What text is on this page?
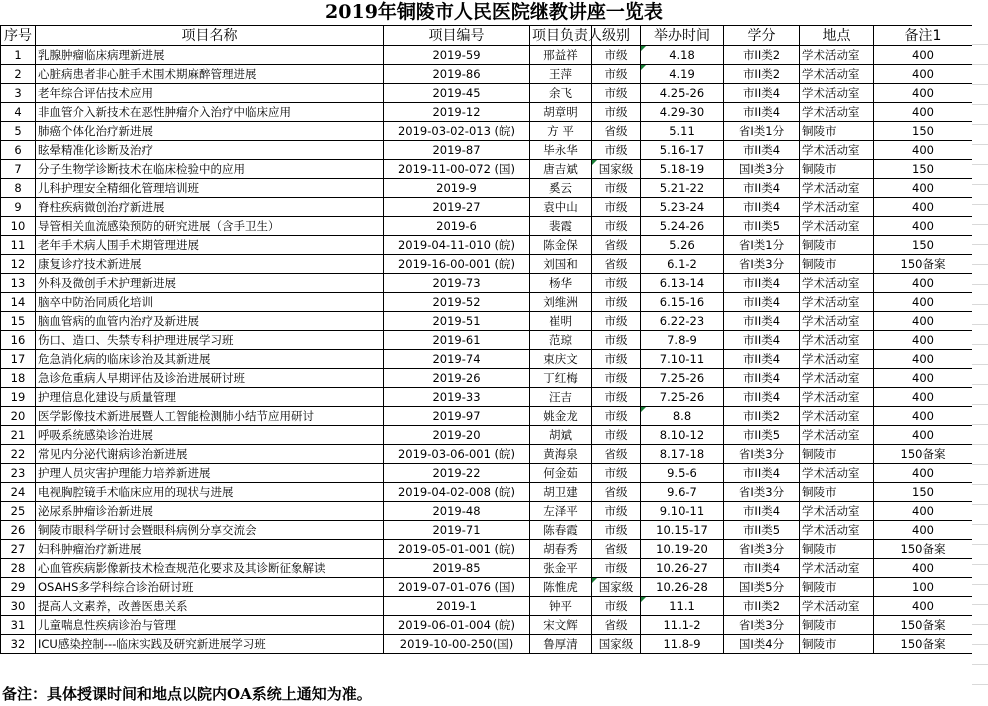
2019年铜陵市人民医院继教讲座一览表
序号	项目名称	项目编号	项目负责人	级别	举办时间	学分	地点	备注1
1	乳腺肿瘤临床病理新进展	2019-59	邢益祥	市级	4.18	市II类2	学术活动室	400
2	心脏病患者非心脏手术围术期麻醉管理进展	2019-86	王萍	市级	4.19	市II类2	学术活动室	400
3	老年综合评估技术应用	2019-45	余飞	市级	4.25-26	市II类4	学术活动室	400
4	非血管介入新技术在恶性肿瘤介入治疗中临床应用	2019-12	胡章明	市级	4.29-30	市II类4	学术活动室	400
5	肺癌个体化治疗新进展	2019-03-02-013 (皖)	方 平	省级	5.11	省I类1分	铜陵市	150
6	眩晕精准化诊断及治疗	2019-87	毕永华	市级	5.16-17	市II类4	学术活动室	400
7	分子生物学诊断技术在临床检验中的应用	2019-11-00-072 (国)	唐吉斌	国家级	5.18-19	国I类3分	铜陵市	150
8	儿科护理安全精细化管理培训班	2019-9	奚云	市级	5.21-22	市II类4	学术活动室	400
9	脊柱疾病微创治疗新进展	2019-27	袁中山	市级	5.23-24	市II类4	学术活动室	400
10	导管相关血流感染预防的研究进展（含手卫生）	2019-6	裴霞	市级	5.24-26	市II类5	学术活动室	400
11	老年手术病人围手术期管理进展	2019-04-11-010 (皖)	陈金保	省级	5.26	省I类1分	铜陵市	150
12	康复诊疗技术新进展	2019-16-00-001 (皖)	刘国和	省级	6.1-2	省I类3分	铜陵市	150备案
13	外科及微创手术护理新进展	2019-73	杨华	市级	6.13-14	市II类4	学术活动室	400
14	脑卒中防治同质化培训	2019-52	刘维洲	市级	6.15-16	市II类4	学术活动室	400
15	脑血管病的血管内治疗及新进展	2019-51	崔明	市级	6.22-23	市II类4	学术活动室	400
16	伤口、造口、失禁专科护理进展学习班	2019-61	范琼	市级	7.8-9	市II类4	学术活动室	400
17	危急消化病的临床诊治及其新进展	2019-74	束庆文	市级	7.10-11	市II类4	学术活动室	400
18	急诊危重病人早期评估及诊治进展研讨班	2019-26	丁红梅	市级	7.25-26	市II类4	学术活动室	400
19	护理信息化建设与质量管理	2019-33	汪吉	市级	7.25-26	市II类4	学术活动室	400
20	医学影像技术新进展暨人工智能检测肺小结节应用研讨	2019-97	姚金龙	市级	8.8	市II类2	学术活动室	400
21	呼吸系统感染诊治进展	2019-20	胡斌	市级	8.10-12	市II类5	学术活动室	400
22	常见内分泌代谢病诊治新进展	2019-03-06-001 (皖)	黄海泉	省级	8.17-18	省I类3分	铜陵市	150备案
23	护理人员灾害护理能力培养新进展	2019-22	何金茹	市级	9.5-6	市II类4	学术活动室	400
24	电视胸腔镜手术临床应用的现状与进展	2019-04-02-008 (皖)	胡卫建	省级	9.6-7	省I类3分	铜陵市	150
25	泌尿系肿瘤诊治新进展	2019-48	左泽平	市级	9.10-11	市II类4	学术活动室	400
26	铜陵市眼科学研讨会暨眼科病例分享交流会	2019-71	陈春霞	市级	10.15-17	市II类5	学术活动室	400
27	妇科肿瘤治疗新进展	2019-05-01-001 (皖)	胡春秀	省级	10.19-20	省I类3分	铜陵市	150备案
28	心血管疾病影像新技术检查规范化要求及其诊断征象解读	2019-85	张金平	市级	10.26-27	市II类4	学术活动室	400
29	OSAHS多学科综合诊治研讨班	2019-07-01-076 (国)	陈惟虎	国家级	10.26-28	国I类5分	铜陵市	100
30	提高人文素养，改善医患关系	2019-1	钟平	市级	11.1	市II类2	学术活动室	400
31	儿童喘息性疾病诊治与管理	2019-06-01-004 (皖)	宋文辉	省级	11.1-2	省I类3分	铜陵市	150备案
32	ICU感染控制---临床实践及研究新进展学习班	2019-10-00-250(国)	鲁厚清	国家级	11.8-9	国I类4分	铜陵市	150备案
备注：具体授课时间和地点以院内OA系统上通知为准。
